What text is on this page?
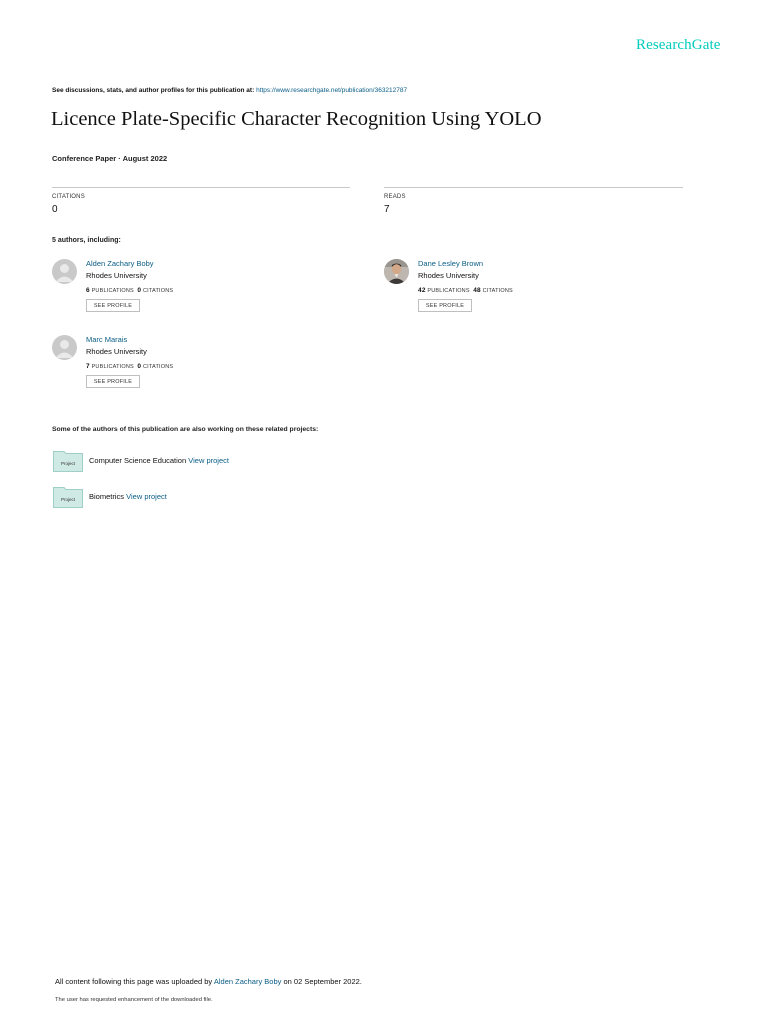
ResearchGate
See discussions, stats, and author profiles for this publication at: https://www.researchgate.net/publication/363212787
Licence Plate-Specific Character Recognition Using YOLO
Conference Paper · August 2022
CITATIONS
0
READS
7
5 authors, including:
Alden Zachary Boby
Rhodes University
6 PUBLICATIONS 0 CITATIONS
SEE PROFILE
Dane Lesley Brown
Rhodes University
42 PUBLICATIONS 48 CITATIONS
SEE PROFILE
Marc Marais
Rhodes University
7 PUBLICATIONS 0 CITATIONS
SEE PROFILE
Some of the authors of this publication are also working on these related projects:
Project Computer Science Education View project
Project Biometrics View project
All content following this page was uploaded by Alden Zachary Boby on 02 September 2022.
The user has requested enhancement of the downloaded file.
